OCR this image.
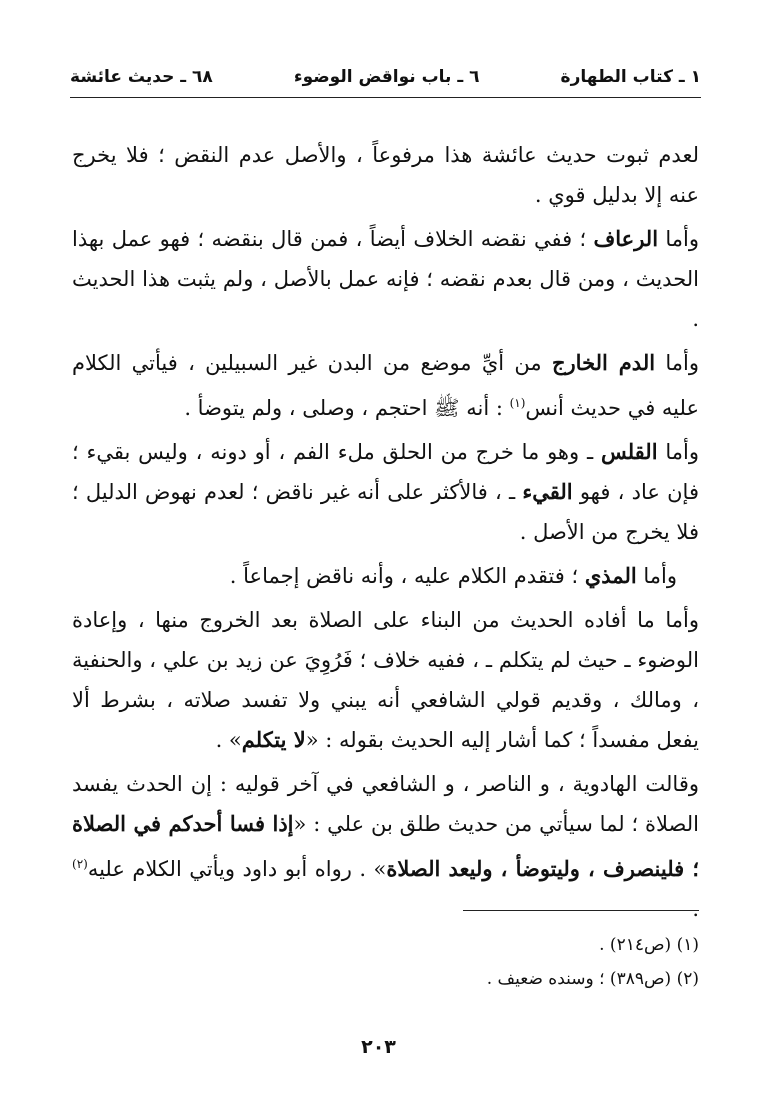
١ ـ كتاب الطهارة
٦ ـ باب نواقض الوضوء
٦٨ ـ حديث عائشة

لعدم ثبوت حديث عائشة هذا مرفوعاً ، والأصل عدم النقض ؛ فلا يخرج عنه إلا بدليل قوي .

وأما الرعاف ؛ ففي نقضه الخلاف أيضاً ، فمن قال بنقضه ؛ فهو عمل بهذا الحديث ، ومن قال بعدم نقضه ؛ فإنه عمل بالأصل ، ولم يثبت هذا الحديث .

وأما الدم الخارج من أيِّ موضع من البدن غير السبيلين ، فيأتي الكلام عليه في حديث أنس$^{(١)}$ : أنه ﷺ احتجم ، وصلى ، ولم يتوضأ .

وأما القلس ـ وهو ما خرج من الحلق ملء الفم ، أو دونه ، وليس بقيء ؛ فإن عاد ، فهو القيء ـ ، فالأكثر على أنه غير ناقض ؛ لعدم نهوض الدليل ؛ فلا يخرج من الأصل .

وأما المذي ؛ فتقدم الكلام عليه ، وأنه ناقض إجماعاً .

وأما ما أفاده الحديث من البناء على الصلاة بعد الخروج منها ، وإعادة الوضوء ـ حيث لم يتكلم ـ ، ففيه خلاف ؛ فَرُوِيَ عن زيد بن علي ، والحنفية ، ومالك ، وقديم قولي الشافعي أنه يبني ولا تفسد صلاته ، بشرط ألا يفعل مفسداً ؛ كما أشار إليه الحديث بقوله : «لا يتكلم» .

وقالت الهادوية ، و الناصر ، و الشافعي في آخر قوليه : إن الحدث يفسد الصلاة ؛ لما سيأتي من حديث طلق بن علي : «إذا فسا أحدكم في الصلاة ؛ فلينصرف ، وليتوضأ ، وليعد الصلاة» . رواه أبو داود ويأتي الكلام عليه$^{(٢)}$ .

(١) (ص٢١٤) .
(٢) (ص٣٨٩) ؛ وسنده ضعيف .
٢٠٣
